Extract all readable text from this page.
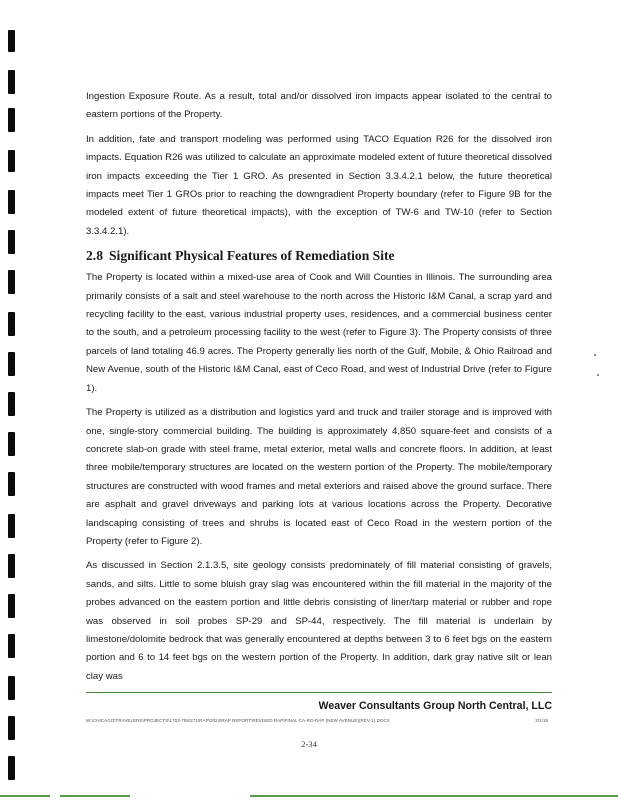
Ingestion Exposure Route. As a result, total and/or dissolved iron impacts appear isolated to the central to eastern portions of the Property.

In addition, fate and transport modeling was performed using TACO Equation R26 for the dissolved iron impacts. Equation R26 was utilized to calculate an approximate modeled extent of future theoretical dissolved iron impacts exceeding the Tier 1 GRO. As presented in Section 3.3.4.2.1 below, the future theoretical impacts meet Tier 1 GROs prior to reaching the downgradient Property boundary (refer to Figure 9B for the modeled extent of future theoretical impacts), with the exception of TW-6 and TW-10 (refer to Section 3.3.4.2.1).

2.8 Significant Physical Features of Remediation Site

The Property is located within a mixed-use area of Cook and Will Counties in Illinois. The surrounding area primarily consists of a salt and steel warehouse to the north across the Historic I&M Canal, a scrap yard and recycling facility to the east, various industrial property uses, residences, and a commercial business center to the south, and a petroleum processing facility to the west (refer to Figure 3). The Property consists of three parcels of land totaling 46.9 acres. The Property generally lies north of the Gulf, Mobile, & Ohio Railroad and New Avenue, south of the Historic I&M Canal, east of Ceco Road, and west of Industrial Drive (refer to Figure 1).

The Property is utilized as a distribution and logistics yard and truck and trailer storage and is improved with one, single-story commercial building. The building is approximately 4,850 square-feet and consists of a concrete slab-on grade with steel frame, metal exterior, metal walls and concrete floors. In addition, at least three mobile/temporary structures are located on the western portion of the Property. The mobile/temporary structures are constructed with wood frames and metal exteriors and raised above the ground surface. There are asphalt and gravel driveways and parking lots at various locations across the Property. Decorative landscaping consisting of trees and shrubs is located east of Ceco Road in the western portion of the Property (refer to Figure 2).

As discussed in Section 2.1.3.5, site geology consists predominately of fill material consisting of gravels, sands, and silts. Little to some bluish gray slag was encountered within the fill material in the majority of the probes advanced on the eastern portion and little debris consisting of liner/tarp material or rubber and rope was observed in soil probes SP-29 and SP-44, respectively. The fill material is underlain by limestone/dolomite bedrock that was generally encountered at depths between 3 to 6 feet bgs on the eastern portion and 6 to 14 feet bgs on the western portion of the Property. In addition, dark gray native silt or lean clay was

Weaver Consultants Group North Central, LLC
W:\CHICAGO\TRAVELERS\PROJECTS\1703-755\271\RAP\2024\RAP REPORT\REVISED RAP\FINAL CA-RO-RAP (NEW AVENUE)(REV 1).DOCX	2/1/19
2-34
